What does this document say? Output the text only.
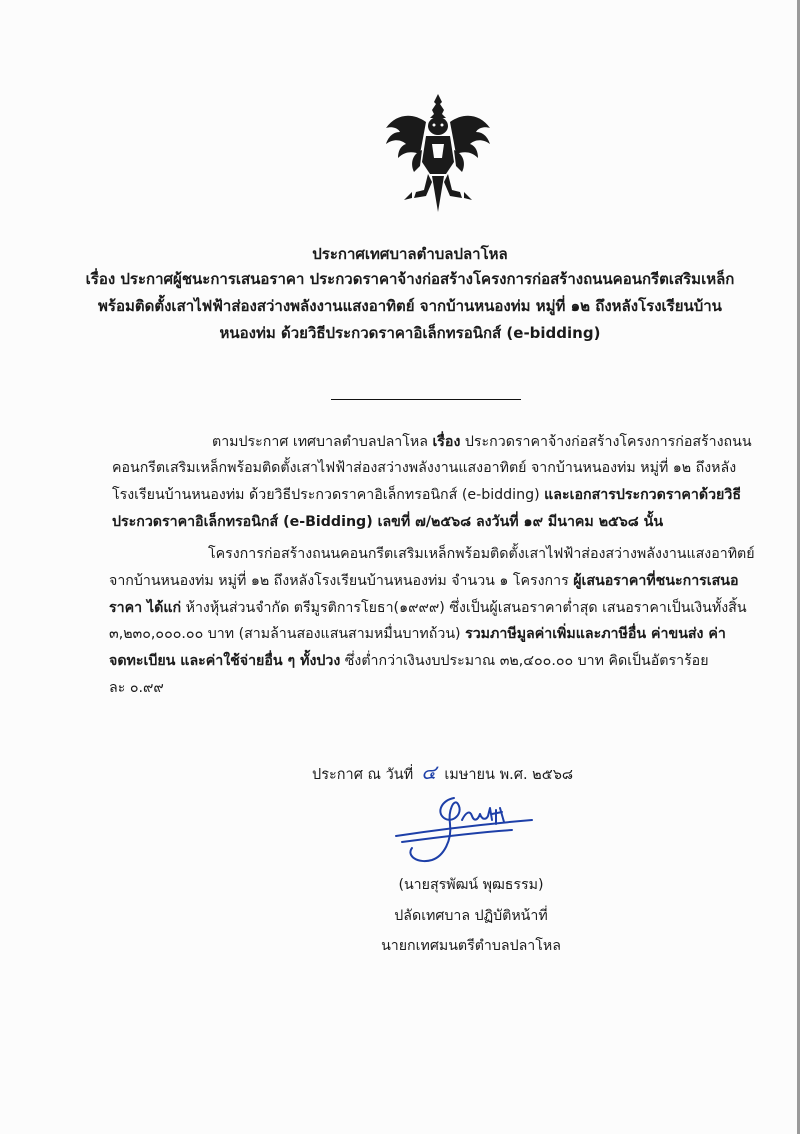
ประกาศเทศบาลตำบลปลาโหล
เรื่อง ประกาศผู้ชนะการเสนอราคา ประกวดราคาจ้างก่อสร้างโครงการก่อสร้างถนนคอนกรีตเสริมเหล็ก
พร้อมติดตั้งเสาไฟฟ้าส่องสว่างพลังงานแสงอาทิตย์ จากบ้านหนองท่ม หมู่ที่ ๑๒ ถึงหลังโรงเรียนบ้าน
หนองท่ม ด้วยวิธีประกวดราคาอิเล็กทรอนิกส์ (e-bidding)
ตามประกาศ เทศบาลตำบลปลาโหล เรื่อง ประกวดราคาจ้างก่อสร้างโครงการก่อสร้างถนน
คอนกรีตเสริมเหล็กพร้อมติดตั้งเสาไฟฟ้าส่องสว่างพลังงานแสงอาทิตย์ จากบ้านหนองท่ม หมู่ที่ ๑๒ ถึงหลัง
โรงเรียนบ้านหนองท่ม ด้วยวิธีประกวดราคาอิเล็กทรอนิกส์ (e-bidding) และเอกสารประกวดราคาด้วยวิธี
ประกวดราคาอิเล็กทรอนิกส์ (e-Bidding) เลขที่ ๗/๒๕๖๘ ลงวันที่ ๑๙ มีนาคม ๒๕๖๘ นั้น
โครงการก่อสร้างถนนคอนกรีตเสริมเหล็กพร้อมติดตั้งเสาไฟฟ้าส่องสว่างพลังงานแสงอาทิตย์
จากบ้านหนองท่ม หมู่ที่ ๑๒ ถึงหลังโรงเรียนบ้านหนองท่ม จำนวน ๑ โครงการ ผู้เสนอราคาที่ชนะการเสนอ
ราคา ได้แก่ ห้างหุ้นส่วนจำกัด ตรีมูรติการโยธา(๑๙๙๙) ซึ่งเป็นผู้เสนอราคาต่ำสุด เสนอราคาเป็นเงินทั้งสิ้น
๓,๒๓๐,๐๐๐.๐๐ บาท (สามล้านสองแสนสามหมื่นบาทถ้วน) รวมภาษีมูลค่าเพิ่มและภาษีอื่น ค่าขนส่ง ค่า
จดทะเบียน และค่าใช้จ่ายอื่น ๆ ทั้งปวง ซึ่งต่ำกว่าเงินงบประมาณ ๓๒,๔๐๐.๐๐ บาท คิดเป็นอัตราร้อย
ละ ๐.๙๙
ประกาศ ณ วันที่ ๔ เมษายน พ.ศ. ๒๕๖๘
(นายสุรพัฒน์ พุฒธรรม)
ปลัดเทศบาล ปฏิบัติหน้าที่
นายกเทศมนตรีตำบลปลาโหล
